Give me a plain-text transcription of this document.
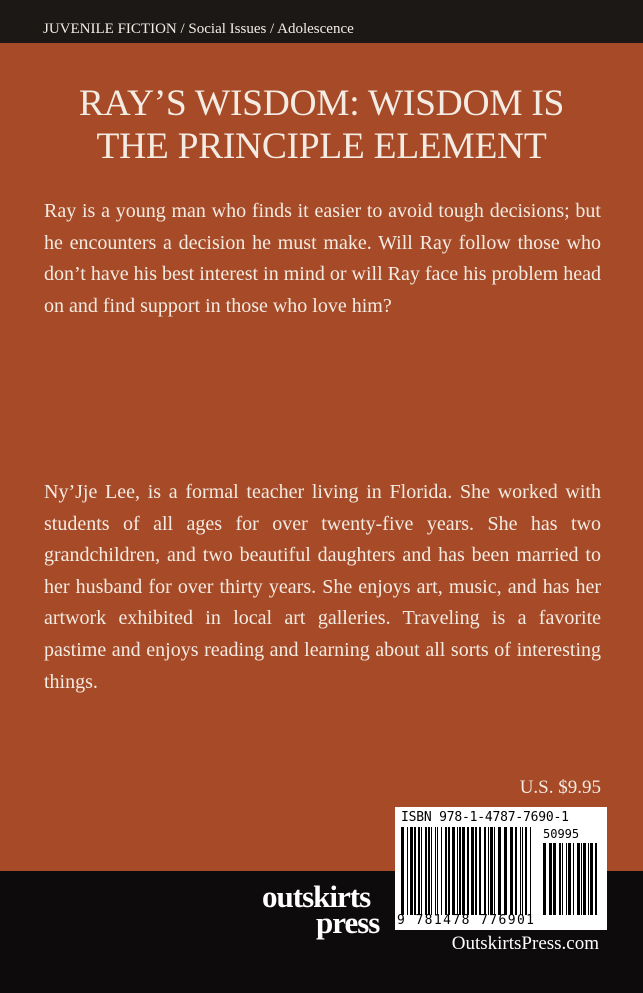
JUVENILE FICTION / Social Issues / Adolescence
RAY’S WISDOM: WISDOM IS
THE PRINCIPLE ELEMENT
Ray is a young man who finds it easier to avoid tough decisions; but he encounters a decision he must make. Will Ray follow those who don’t have his best interest in mind or will Ray face his problem head on and find support in those who love him?
Ny’Jje Lee, is a formal teacher living in Florida. She worked with students of all ages for over twenty-five years. She has two grandchildren, and two beautiful daughters and has been married to her husband for over thirty years. She enjoys art, music, and has her artwork exhibited in local art galleries. Traveling is a favorite pastime and enjoys reading and learning about all sorts of interesting things.
U.S. $9.95
outskirts
press
ISBN 978-1-4787-7690-1
50995
9 781478 776901
OutskirtsPress.com
